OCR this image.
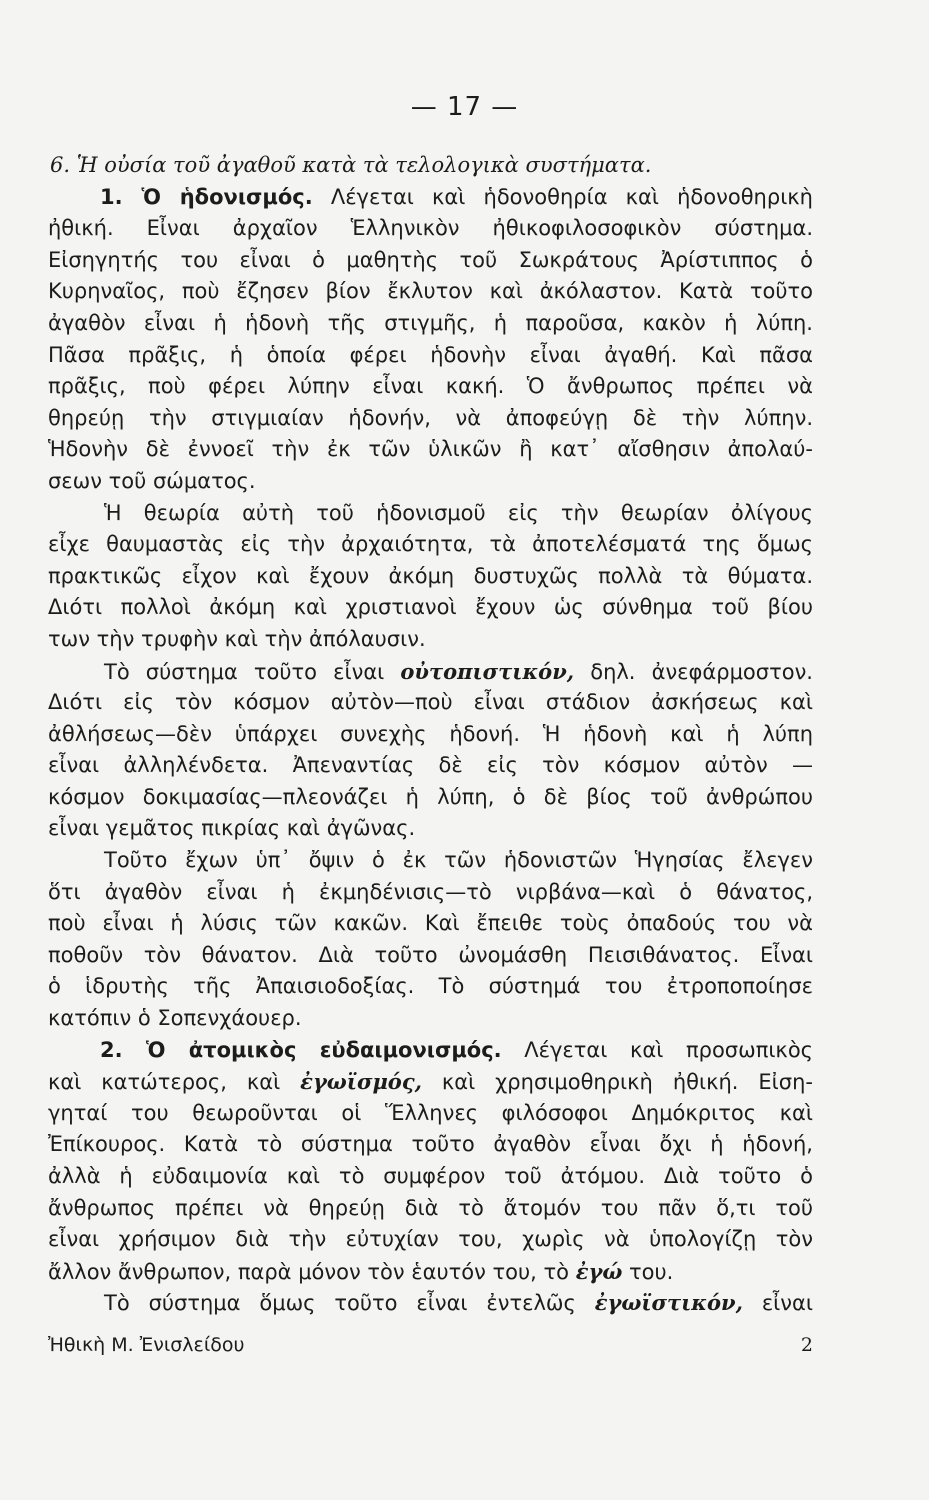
— 17 —
6. Ἡ οὐσία τοῦ ἀγαθοῦ κατὰ τὰ τελολογικὰ συστήματα.
1. Ὁ ἡδονισμός. Λέγεται καὶ ἡδονοθηρία καὶ ἡδονοθηρικὴ
ἠθική. Εἶναι ἀρχαῖον Ἑλληνικὸν ἠθικοφιλοσοφικὸν σύστημα.
Εἰσηγητής του εἶναι ὁ μαθητὴς τοῦ Σωκράτους Ἀρίστιππος ὁ
Κυρηναῖος, ποὺ ἔζησεν βίον ἔκλυτον καὶ ἀκόλαστον. Κατὰ τοῦτο
ἀγαθὸν εἶναι ἡ ἡδονὴ τῆς στιγμῆς, ἡ παροῦσα, κακὸν ἡ λύπη.
Πᾶσα πρᾶξις, ἡ ὁποία φέρει ἡδονὴν εἶναι ἀγαθή. Καὶ πᾶσα
πρᾶξις, ποὺ φέρει λύπην εἶναι κακή. Ὁ ἄνθρωπος πρέπει νὰ
θηρεύῃ τὴν στιγμιαίαν ἡδονήν, νὰ ἀποφεύγῃ δὲ τὴν λύπην.
Ἡδονὴν δὲ ἐννοεῖ τὴν ἐκ τῶν ὑλικῶν ἢ κατ᾽ αἴσθησιν ἀπολαύ-
σεων τοῦ σώματος.
Ἡ θεωρία αὐτὴ τοῦ ἡδονισμοῦ εἰς τὴν θεωρίαν ὀλίγους
εἶχε θαυμαστὰς εἰς τὴν ἀρχαιότητα, τὰ ἀποτελέσματά της ὅμως
πρακτικῶς εἶχον καὶ ἔχουν ἀκόμη δυστυχῶς πολλὰ τὰ θύματα.
Διότι πολλοὶ ἀκόμη καὶ χριστιανοὶ ἔχουν ὡς σύνθημα τοῦ βίου
των τὴν τρυφὴν καὶ τὴν ἀπόλαυσιν.
Τὸ σύστημα τοῦτο εἶναι οὐτοπιστικόν, δηλ. ἀνεφάρμοστον.
Διότι εἰς τὸν κόσμον αὐτὸν—ποὺ εἶναι στάδιον ἀσκήσεως καὶ
ἀθλήσεως—δὲν ὑπάρχει συνεχὴς ἡδονή. Ἡ ἡδονὴ καὶ ἡ λύπη
εἶναι ἀλληλένδετα. Ἀπεναντίας δὲ εἰς τὸν κόσμον αὐτὸν —
κόσμον δοκιμασίας—πλεονάζει ἡ λύπη, ὁ δὲ βίος τοῦ ἀνθρώπου
εἶναι γεμᾶτος πικρίας καὶ ἀγῶνας.
Τοῦτο ἔχων ὑπ᾽ ὄψιν ὁ ἐκ τῶν ἡδονιστῶν Ἡγησίας ἔλεγεν
ὅτι ἀγαθὸν εἶναι ἡ ἐκμηδένισις—τὸ νιρβάνα—καὶ ὁ θάνατος,
ποὺ εἶναι ἡ λύσις τῶν κακῶν. Καὶ ἔπειθε τοὺς ὀπαδούς του νὰ
ποθοῦν τὸν θάνατον. Διὰ τοῦτο ὠνομάσθη Πεισιθάνατος. Εἶναι
ὁ ἱδρυτὴς τῆς Ἀπαισιοδοξίας. Τὸ σύστημά του ἐτροποποίησε
κατόπιν ὁ Σοπενχάουερ.
2. Ὁ ἀτομικὸς εὐδαιμονισμός. Λέγεται καὶ προσωπικὸς
καὶ κατώτερος, καὶ ἐγωϊσμός, καὶ χρησιμοθηρικὴ ἠθική. Εἰση-
γηταί του θεωροῦνται οἱ Ἕλληνες φιλόσοφοι Δημόκριτος καὶ
Ἐπίκουρος. Κατὰ τὸ σύστημα τοῦτο ἀγαθὸν εἶναι ὄχι ἡ ἡδονή,
ἀλλὰ ἡ εὐδαιμονία καὶ τὸ συμφέρον τοῦ ἀτόμου. Διὰ τοῦτο ὁ
ἄνθρωπος πρέπει νὰ θηρεύῃ διὰ τὸ ἄτομόν του πᾶν ὅ,τι τοῦ
εἶναι χρήσιμον διὰ τὴν εὐτυχίαν του, χωρὶς νὰ ὑπολογίζῃ τὸν
ἄλλον ἄνθρωπον, παρὰ μόνον τὸν ἑαυτόν του, τὸ ἐγώ του.
Τὸ σύστημα ὅμως τοῦτο εἶναι ἐντελῶς ἐγωϊστικόν, εἶναι
Ἠθικὴ Μ. Ἐνισλείδου	2
